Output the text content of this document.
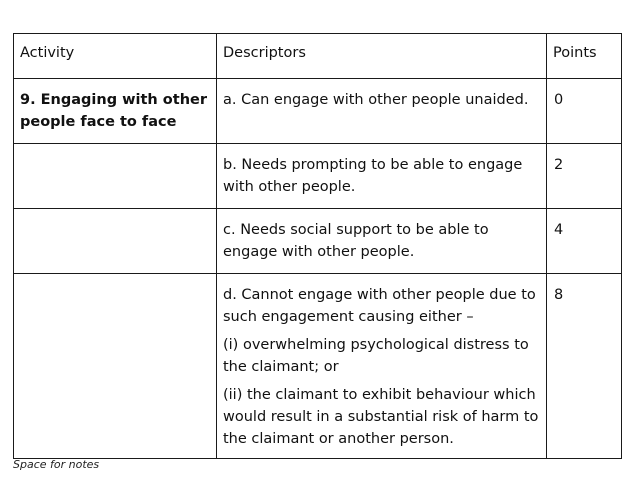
Activity	Descriptors	Points

9. Engaging with other people face to face	a. Can engage with other people unaided.	0

	b. Needs prompting to be able to engage with other people.	2

	c. Needs social support to be able to engage with other people.	4

	d. Cannot engage with other people due to such engagement causing either –

(i) overwhelming psychological distress to the claimant; or

(ii) the claimant to exhibit behaviour which would result in a substantial risk of harm to the claimant or another person.	8
Space for notes
